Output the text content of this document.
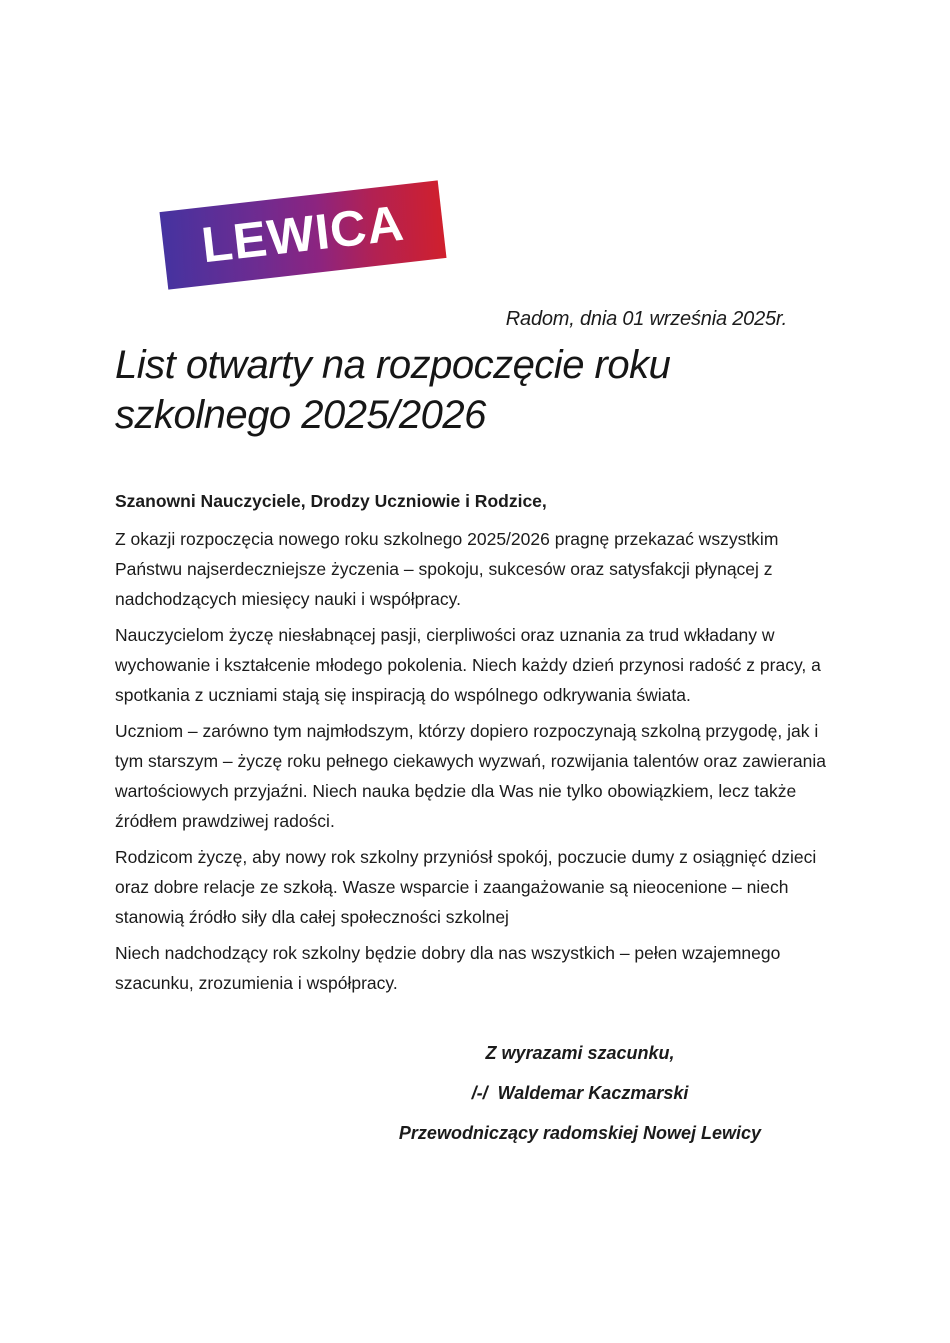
LEWICA
Radom, dnia 01 września 2025r.
List otwarty na rozpoczęcie roku
szkolnego 2025/2026

Szanowni Nauczyciele, Drodzy Uczniowie i Rodzice,

Z okazji rozpoczęcia nowego roku szkolnego 2025/2026 pragnę przekazać wszystkim Państwu najserdeczniejsze życzenia – spokoju, sukcesów oraz satysfakcji płynącej z nadchodzących miesięcy nauki i współpracy.

Nauczycielom życzę niesłabnącej pasji, cierpliwości oraz uznania za trud wkładany w wychowanie i kształcenie młodego pokolenia. Niech każdy dzień przynosi radość z pracy, a spotkania z uczniami stają się inspiracją do wspólnego odkrywania świata.

Uczniom – zarówno tym najmłodszym, którzy dopiero rozpoczynają szkolną przygodę, jak i tym starszym – życzę roku pełnego ciekawych wyzwań, rozwijania talentów oraz zawierania wartościowych przyjaźni. Niech nauka będzie dla Was nie tylko obowiązkiem, lecz także źródłem prawdziwej radości.

Rodzicom życzę, aby nowy rok szkolny przyniósł spokój, poczucie dumy z osiągnięć dzieci oraz dobre relacje ze szkołą. Wasze wsparcie i zaangażowanie są nieocenione – niech stanowią źródło siły dla całej społeczności szkolnej

Niech nadchodzący rok szkolny będzie dobry dla nas wszystkich – pełen wzajemnego szacunku, zrozumienia i współpracy.

Z wyrazami szacunku,

/-/  Waldemar Kaczmarski

Przewodniczący radomskiej Nowej Lewicy
